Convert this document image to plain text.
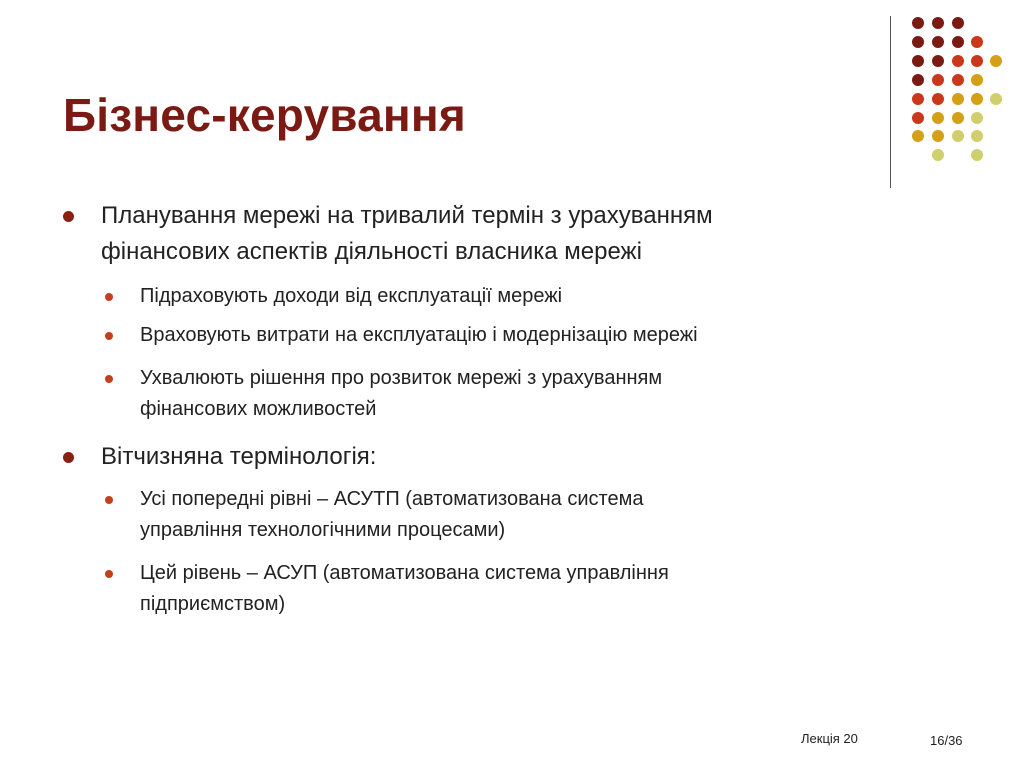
Бізнес-керування
Планування мережі на тривалий термін з урахуванням
фінансових аспектів діяльності власника мережі
Підраховують доходи від експлуатації мережі
Враховують витрати на експлуатацію і модернізацію мережі
Ухвалюють рішення про розвиток мережі з урахуванням
фінансових можливостей
Вітчизняна термінологія:
Усі попередні рівні – АСУТП (автоматизована система
управління технологічними процесами)
Цей рівень – АСУП (автоматизована система управління
підприємством)
Лекція 20	16/36
